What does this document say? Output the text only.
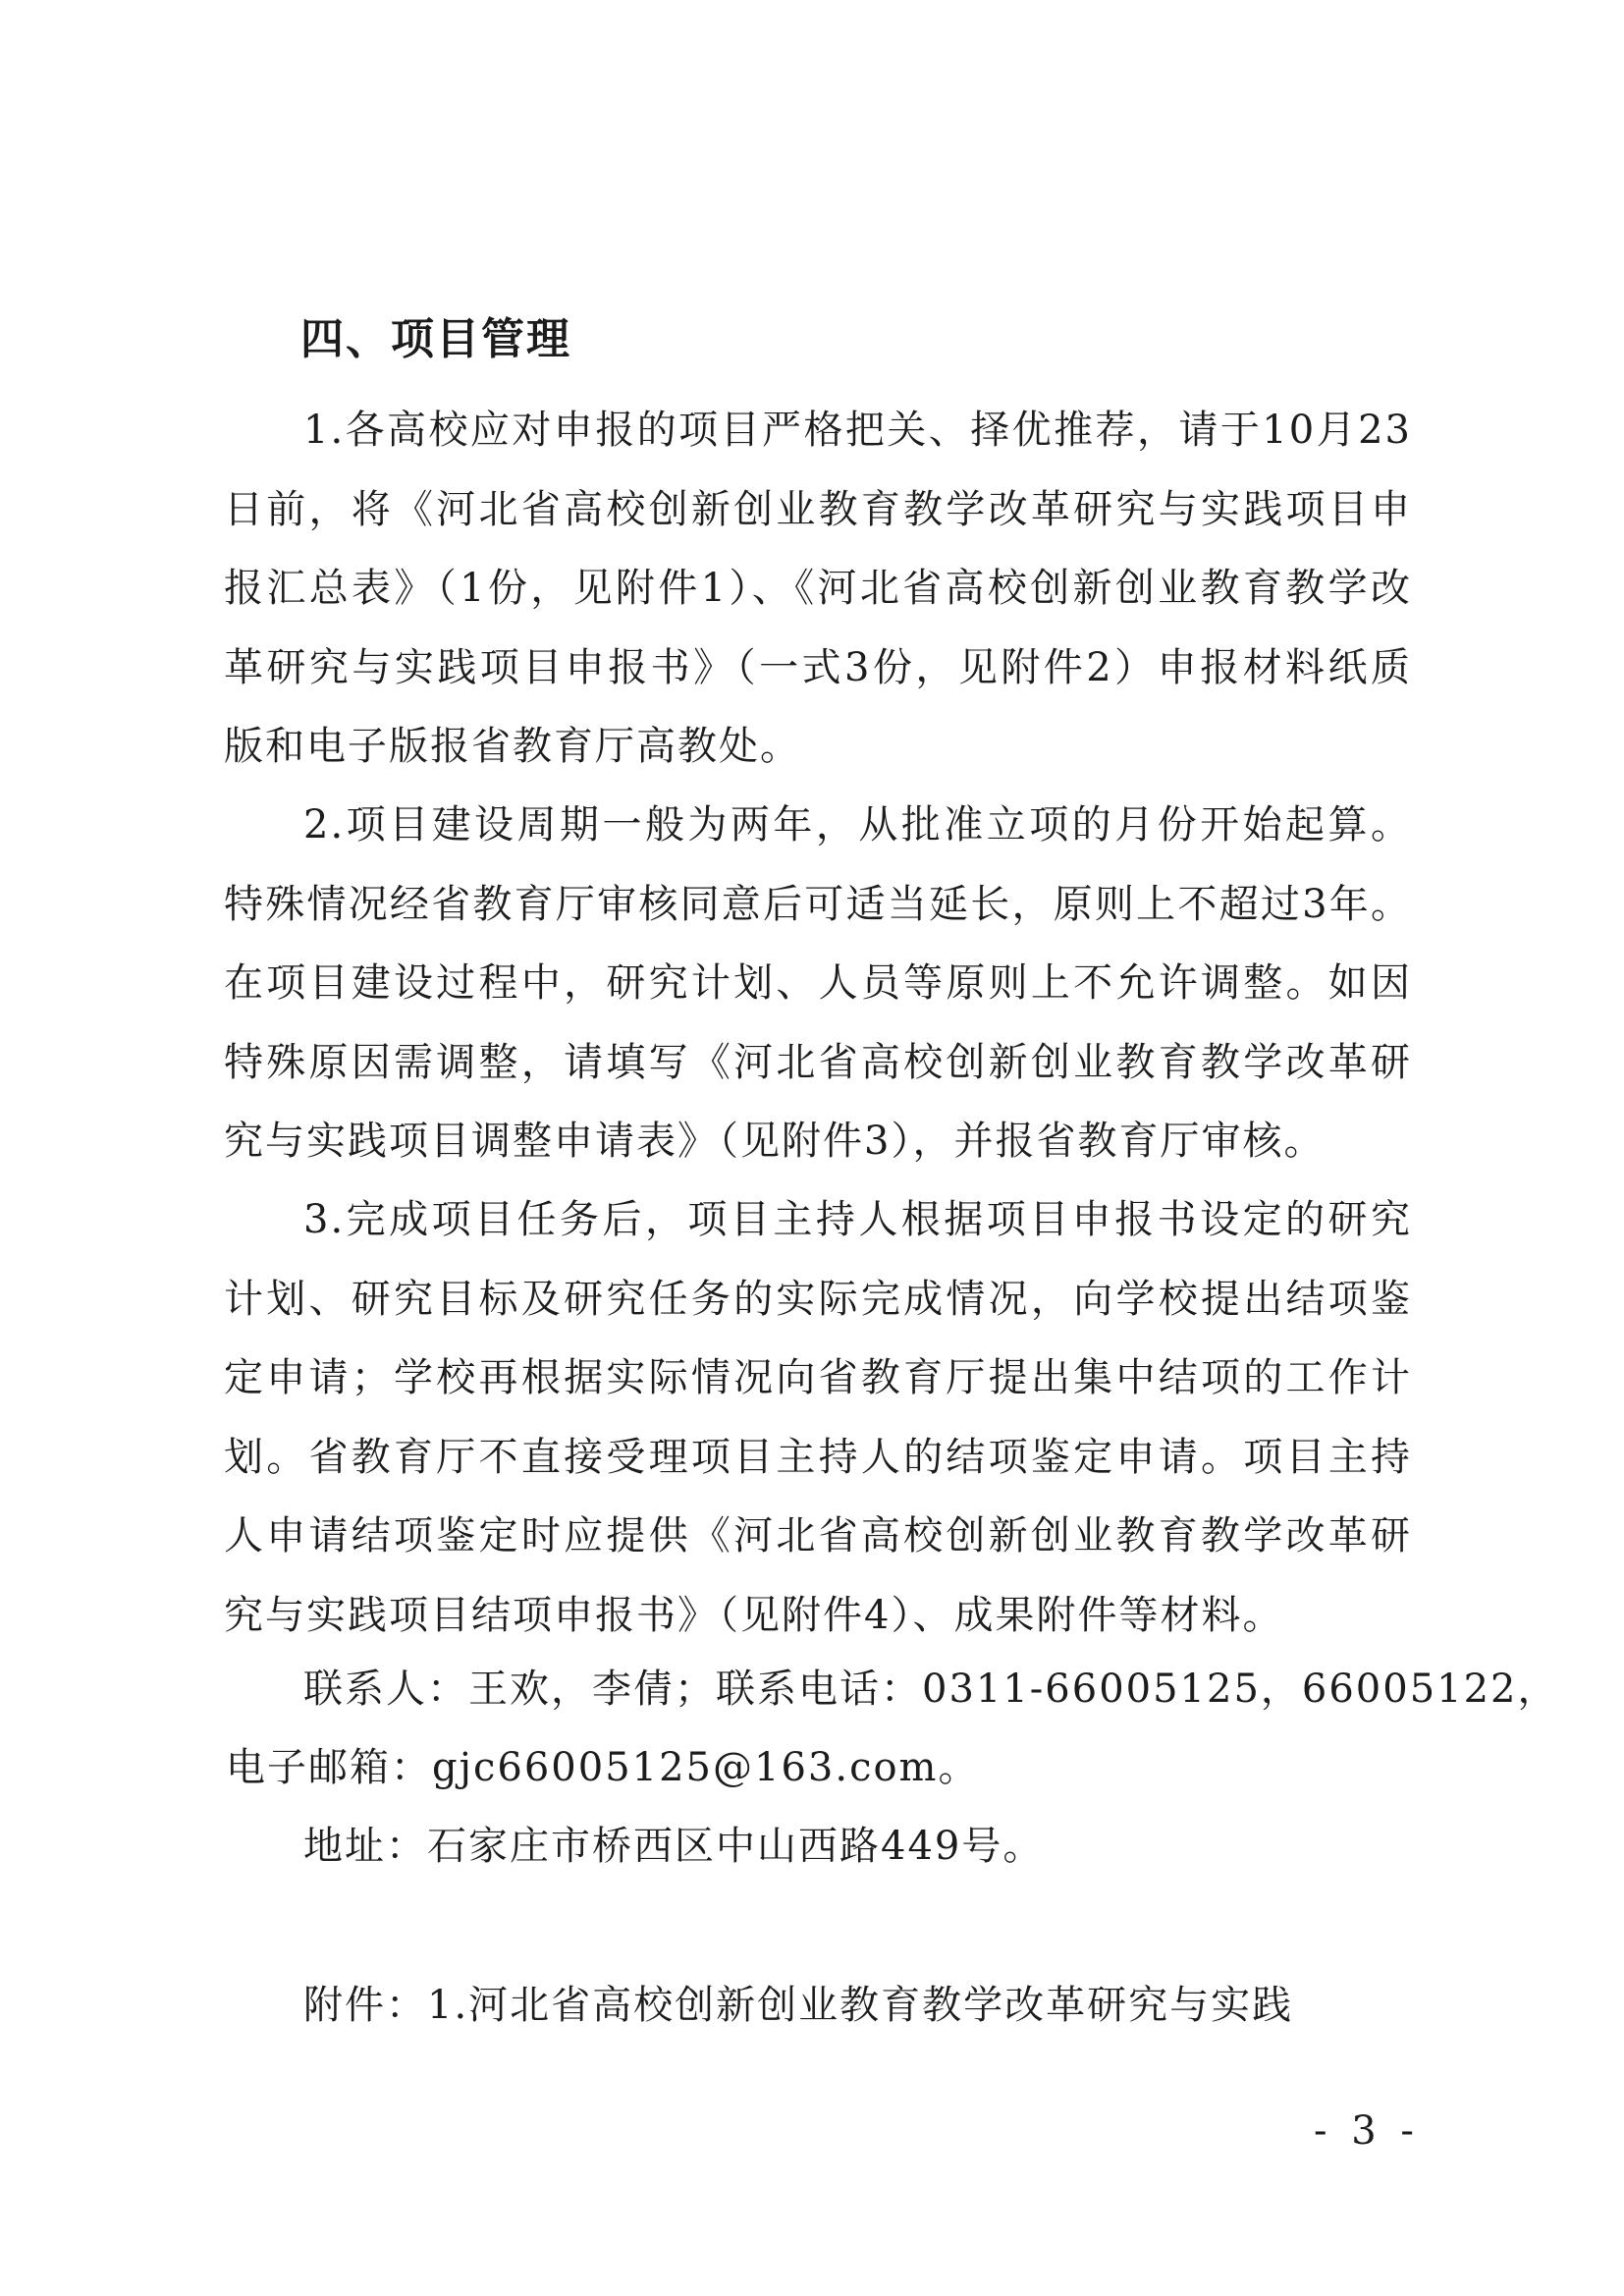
四、项目管理
1.各高校应对申报的项目严格把关、择优推荐，请于10月23日前，将《河北省高校创新创业教育教学改革研究与实践项目申报汇总表》（1份，见附件1）、《河北省高校创新创业教育教学改革研究与实践项目申报书》（一式3份，见附件2）申报材料纸质版和电子版报省教育厅高教处。
2.项目建设周期一般为两年，从批准立项的月份开始起算。特殊情况经省教育厅审核同意后可适当延长，原则上不超过3年。在项目建设过程中，研究计划、人员等原则上不允许调整。如因特殊原因需调整，请填写《河北省高校创新创业教育教学改革研究与实践项目调整申请表》（见附件3），并报省教育厅审核。
3.完成项目任务后，项目主持人根据项目申报书设定的研究计划、研究目标及研究任务的实际完成情况，向学校提出结项鉴定申请；学校再根据实际情况向省教育厅提出集中结项的工作计划。省教育厅不直接受理项目主持人的结项鉴定申请。项目主持人申请结项鉴定时应提供《河北省高校创新创业教育教学改革研究与实践项目结项申报书》（见附件4）、成果附件等材料。
联系人：王欢，李倩；联系电话：0311-66005125，66005122，
电子邮箱：gjc66005125@163.com。
地址：石家庄市桥西区中山西路449号。
附件：1.河北省高校创新创业教育教学改革研究与实践
- 3 -
